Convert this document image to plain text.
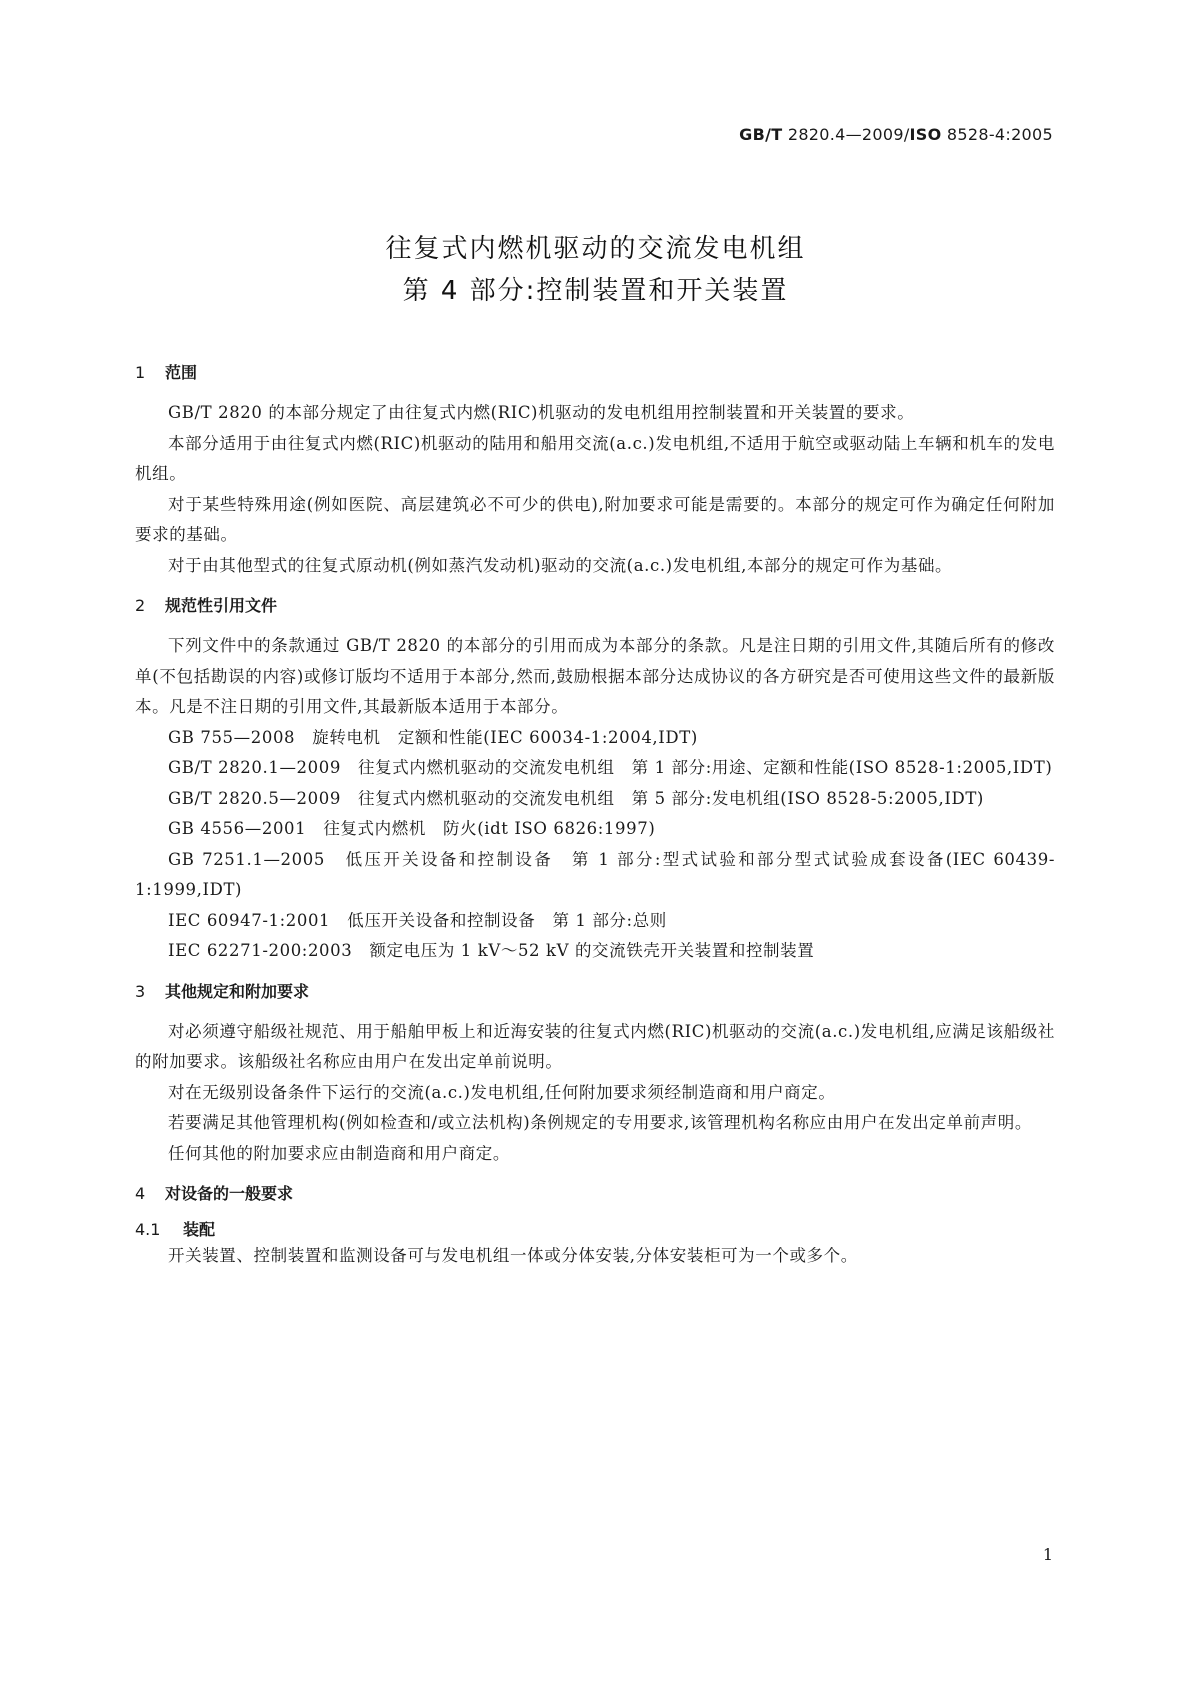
GB/T 2820.4—2009/ISO 8528-4:2005
往复式内燃机驱动的交流发电机组
第 4 部分:控制装置和开关装置
1 范围

GB/T 2820 的本部分规定了由往复式内燃(RIC)机驱动的发电机组用控制装置和开关装置的要求。

本部分适用于由往复式内燃(RIC)机驱动的陆用和船用交流(a.c.)发电机组,不适用于航空或驱动陆上车辆和机车的发电机组。

对于某些特殊用途(例如医院、高层建筑必不可少的供电),附加要求可能是需要的。本部分的规定可作为确定任何附加要求的基础。

对于由其他型式的往复式原动机(例如蒸汽发动机)驱动的交流(a.c.)发电机组,本部分的规定可作为基础。

2 规范性引用文件

下列文件中的条款通过 GB/T 2820 的本部分的引用而成为本部分的条款。凡是注日期的引用文件,其随后所有的修改单(不包括勘误的内容)或修订版均不适用于本部分,然而,鼓励根据本部分达成协议的各方研究是否可使用这些文件的最新版本。凡是不注日期的引用文件,其最新版本适用于本部分。

GB 755—2008　旋转电机　定额和性能(IEC 60034-1:2004,IDT)

GB/T 2820.1—2009　往复式内燃机驱动的交流发电机组　第 1 部分:用途、定额和性能(ISO 8528-1:2005,IDT)

GB/T 2820.5—2009　往复式内燃机驱动的交流发电机组　第 5 部分:发电机组(ISO 8528-5:2005,IDT)

GB 4556—2001　往复式内燃机　防火(idt ISO 6826:1997)

GB 7251.1—2005　低压开关设备和控制设备　第 1 部分:型式试验和部分型式试验成套设备(IEC 60439-1:1999,IDT)

IEC 60947-1:2001　低压开关设备和控制设备　第 1 部分:总则

IEC 62271-200:2003　额定电压为 1 kV～52 kV 的交流铁壳开关装置和控制装置

3 其他规定和附加要求

对必须遵守船级社规范、用于船舶甲板上和近海安装的往复式内燃(RIC)机驱动的交流(a.c.)发电机组,应满足该船级社的附加要求。该船级社名称应由用户在发出定单前说明。

对在无级别设备条件下运行的交流(a.c.)发电机组,任何附加要求须经制造商和用户商定。

若要满足其他管理机构(例如检查和/或立法机构)条例规定的专用要求,该管理机构名称应由用户在发出定单前声明。

任何其他的附加要求应由制造商和用户商定。

4 对设备的一般要求
4.1 装配

开关装置、控制装置和监测设备可与发电机组一体或分体安装,分体安装柜可为一个或多个。

1
